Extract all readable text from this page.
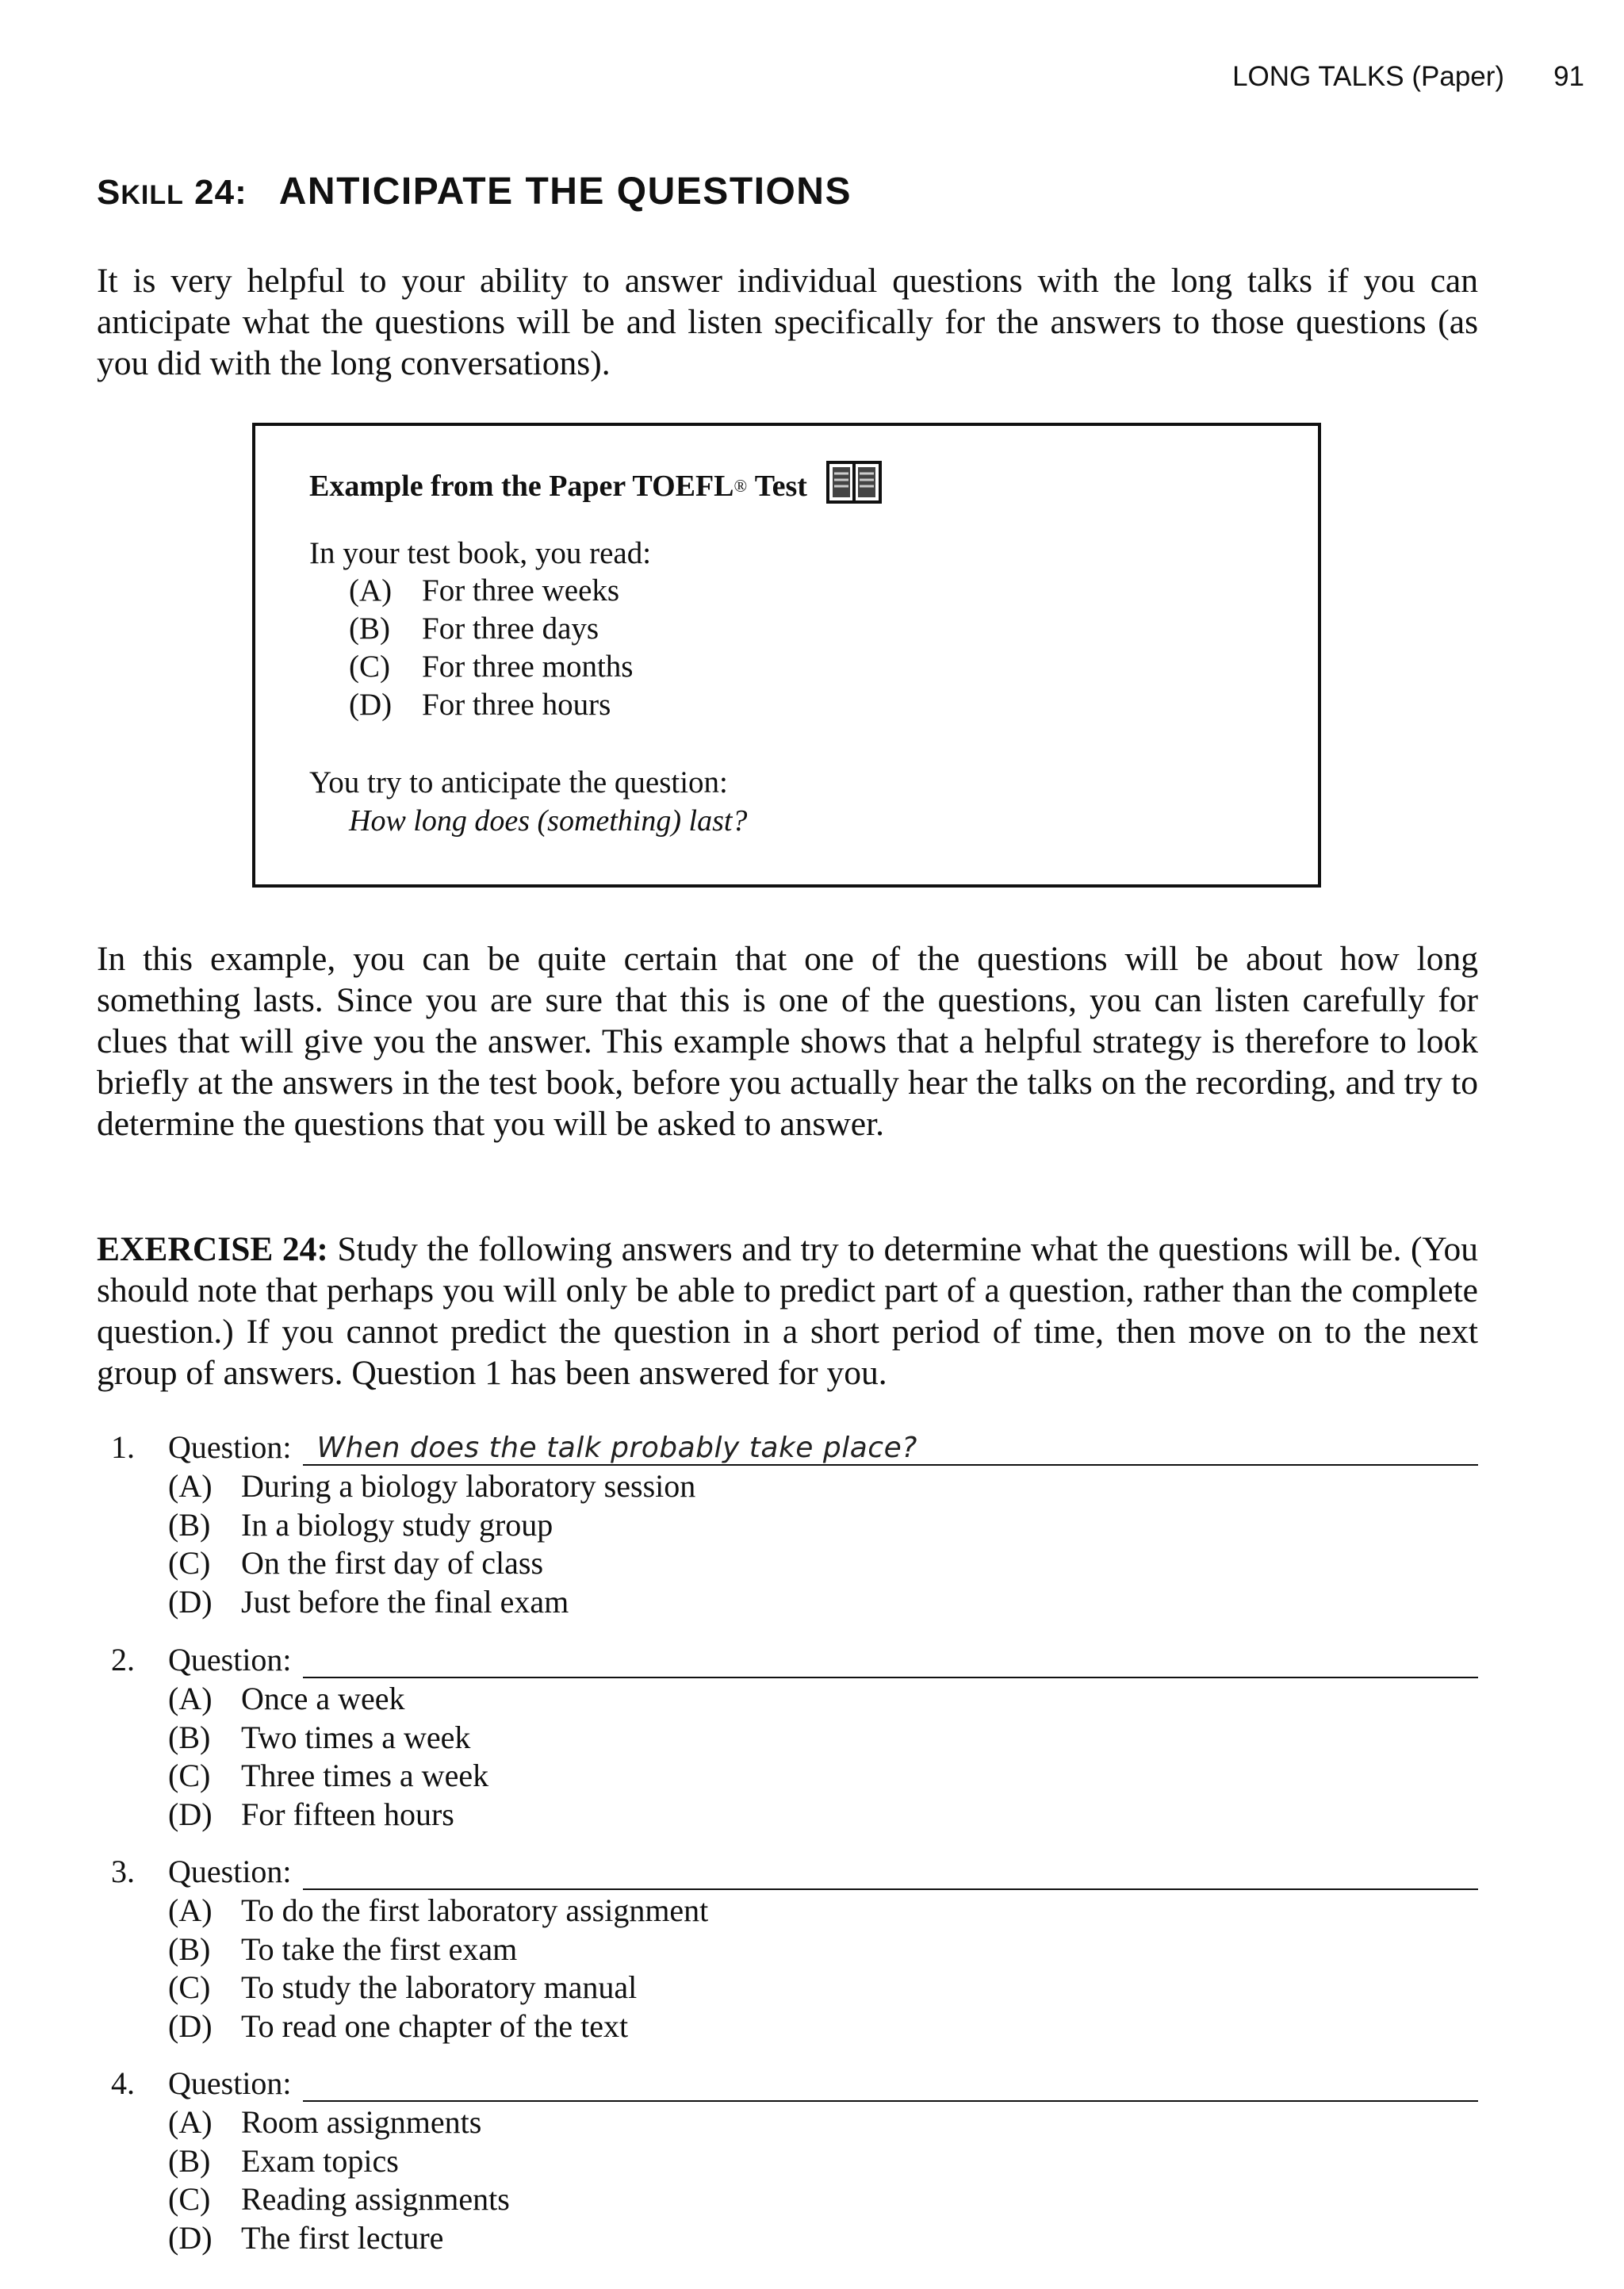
LONG TALKS (Paper) 91
SKILL 24: ANTICIPATE THE QUESTIONS
It is very helpful to your ability to answer individual questions with the long talks if you can anticipate what the questions will be and listen specifically for the answers to those questions (as you did with the long conversations).
Example from the Paper TOEFL ®
Test
In your test book, you read:
(A) For three weeks
(B)	For three days
(C)	For three months
(D) For three hours
You try to anticipate the question:
How long does (something) last?
In this example, you can be quite certain that one of the questions will be about how long something lasts. Since you are sure that this is one of the questions, you can listen carefully for clues that will give you the answer. This example shows that a helpful strategy is therefore to look briefly at the answers in the test book, before you actually hear the talks on the recording, and try to determine the questions that you will be asked to answer.
EXERCISE 24: Study the following answers and try to determine what the questions will be. (You should note that perhaps you will only be able to predict part of a question, rather than the complete question.) If you cannot predict the question in a short period of time, then move on to the next group of answers. Question 1 has been answered for you.
1.	Question: When does the talk probably take place?
(A) During a biology laboratory session
(B) In a biology study group
(C) On the first day of class
(D) Just before the final exam
2.	Question:
(A) Once a week
(B) Two times a week
(C) Three times a week
(D) For fifteen hours
3.	Question:
(A) To do the first laboratory assignment
(B) To take the first exam
(C) To study the laboratory manual
(D) To read one chapter of the text
4.	Question:
(A) Room assignments
(B) Exam topics
(C) Reading assignments
(D) The first lecture
